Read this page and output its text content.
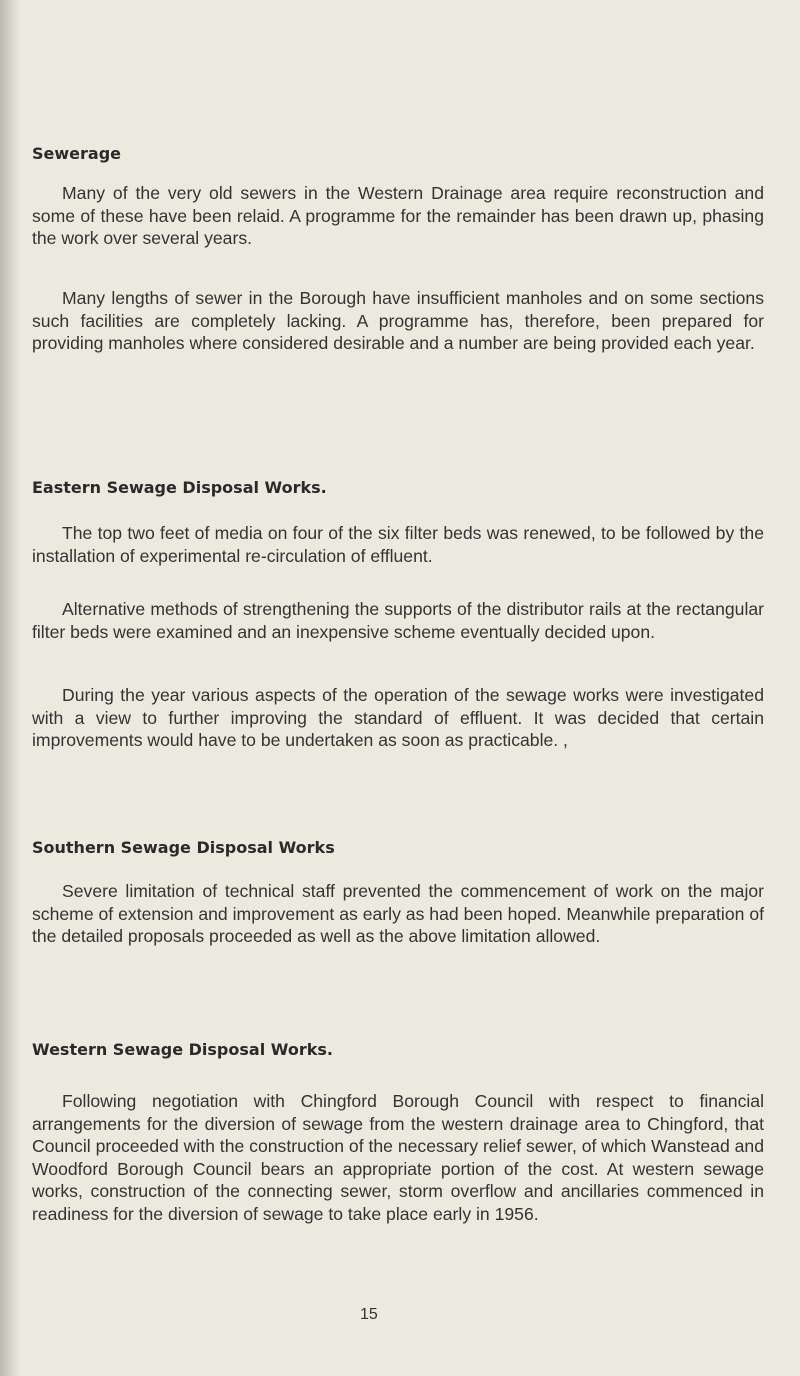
Sewerage

Many of the very old sewers in the Western Drainage area require reconstruction and some of these have been relaid. A programme for the remainder has been drawn up, phasing the work over several years.

Many lengths of sewer in the Borough have insufficient manholes and on some sections such facilities are completely lacking. A programme has, therefore, been prepared for providing manholes where considered desirable and a number are being provided each year.

Eastern Sewage Disposal Works.

The top two feet of media on four of the six filter beds was renewed, to be followed by the installation of experimental re-circulation of effluent.

Alternative methods of strengthening the supports of the distributor rails at the rectangular filter beds were examined and an inexpensive scheme eventually decided upon.

During the year various aspects of the operation of the sewage works were investigated with a view to further improving the standard of effluent. It was decided that certain improvements would have to be undertaken as soon as practicable. ,

Southern Sewage Disposal Works

Severe limitation of technical staff prevented the commencement of work on the major scheme of extension and improvement as early as had been hoped. Meanwhile preparation of the detailed proposals proceeded as well as the above limitation allowed.

Western Sewage Disposal Works.

Following negotiation with Chingford Borough Council with respect to financial arrangements for the diversion of sewage from the western drainage area to Chingford, that Council proceeded with the construction of the necessary relief sewer, of which Wanstead and Woodford Borough Council bears an appropriate portion of the cost. At western sewage works, construction of the connecting sewer, storm overflow and ancillaries commenced in readiness for the diversion of sewage to take place early in 1956.

15
